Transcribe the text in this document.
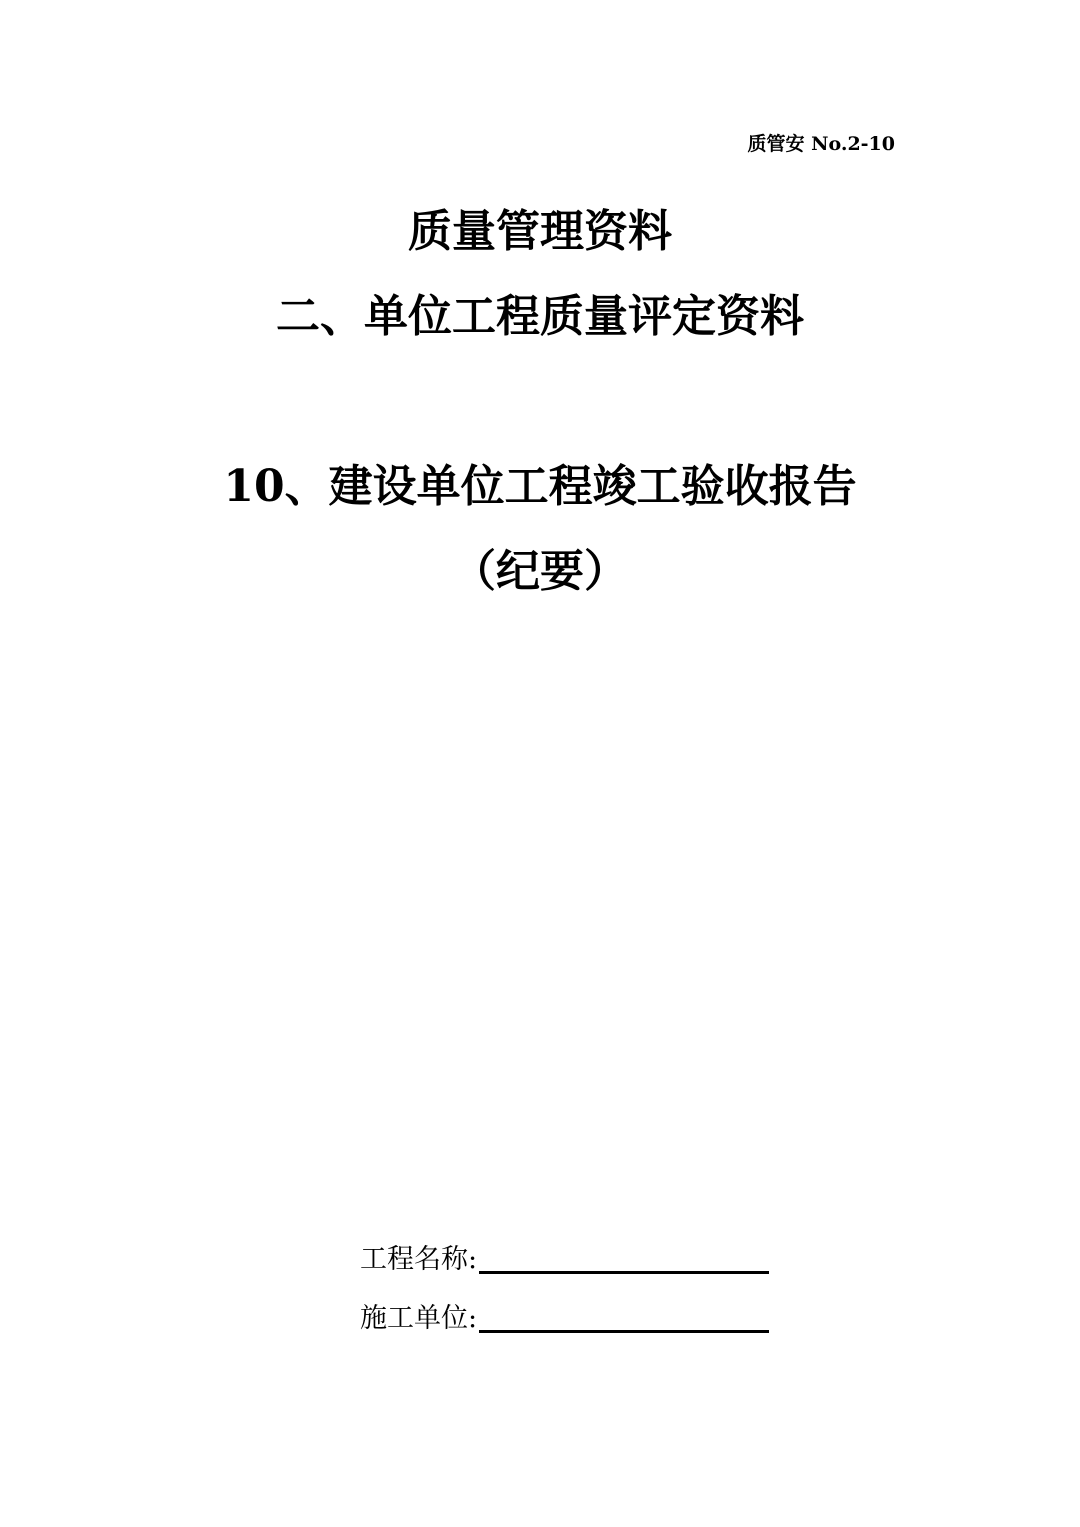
质管安 No.2-10
质量管理资料
二、单位工程质量评定资料
10、建设单位工程竣工验收报告
（纪要）
工程名称:
施工单位:
